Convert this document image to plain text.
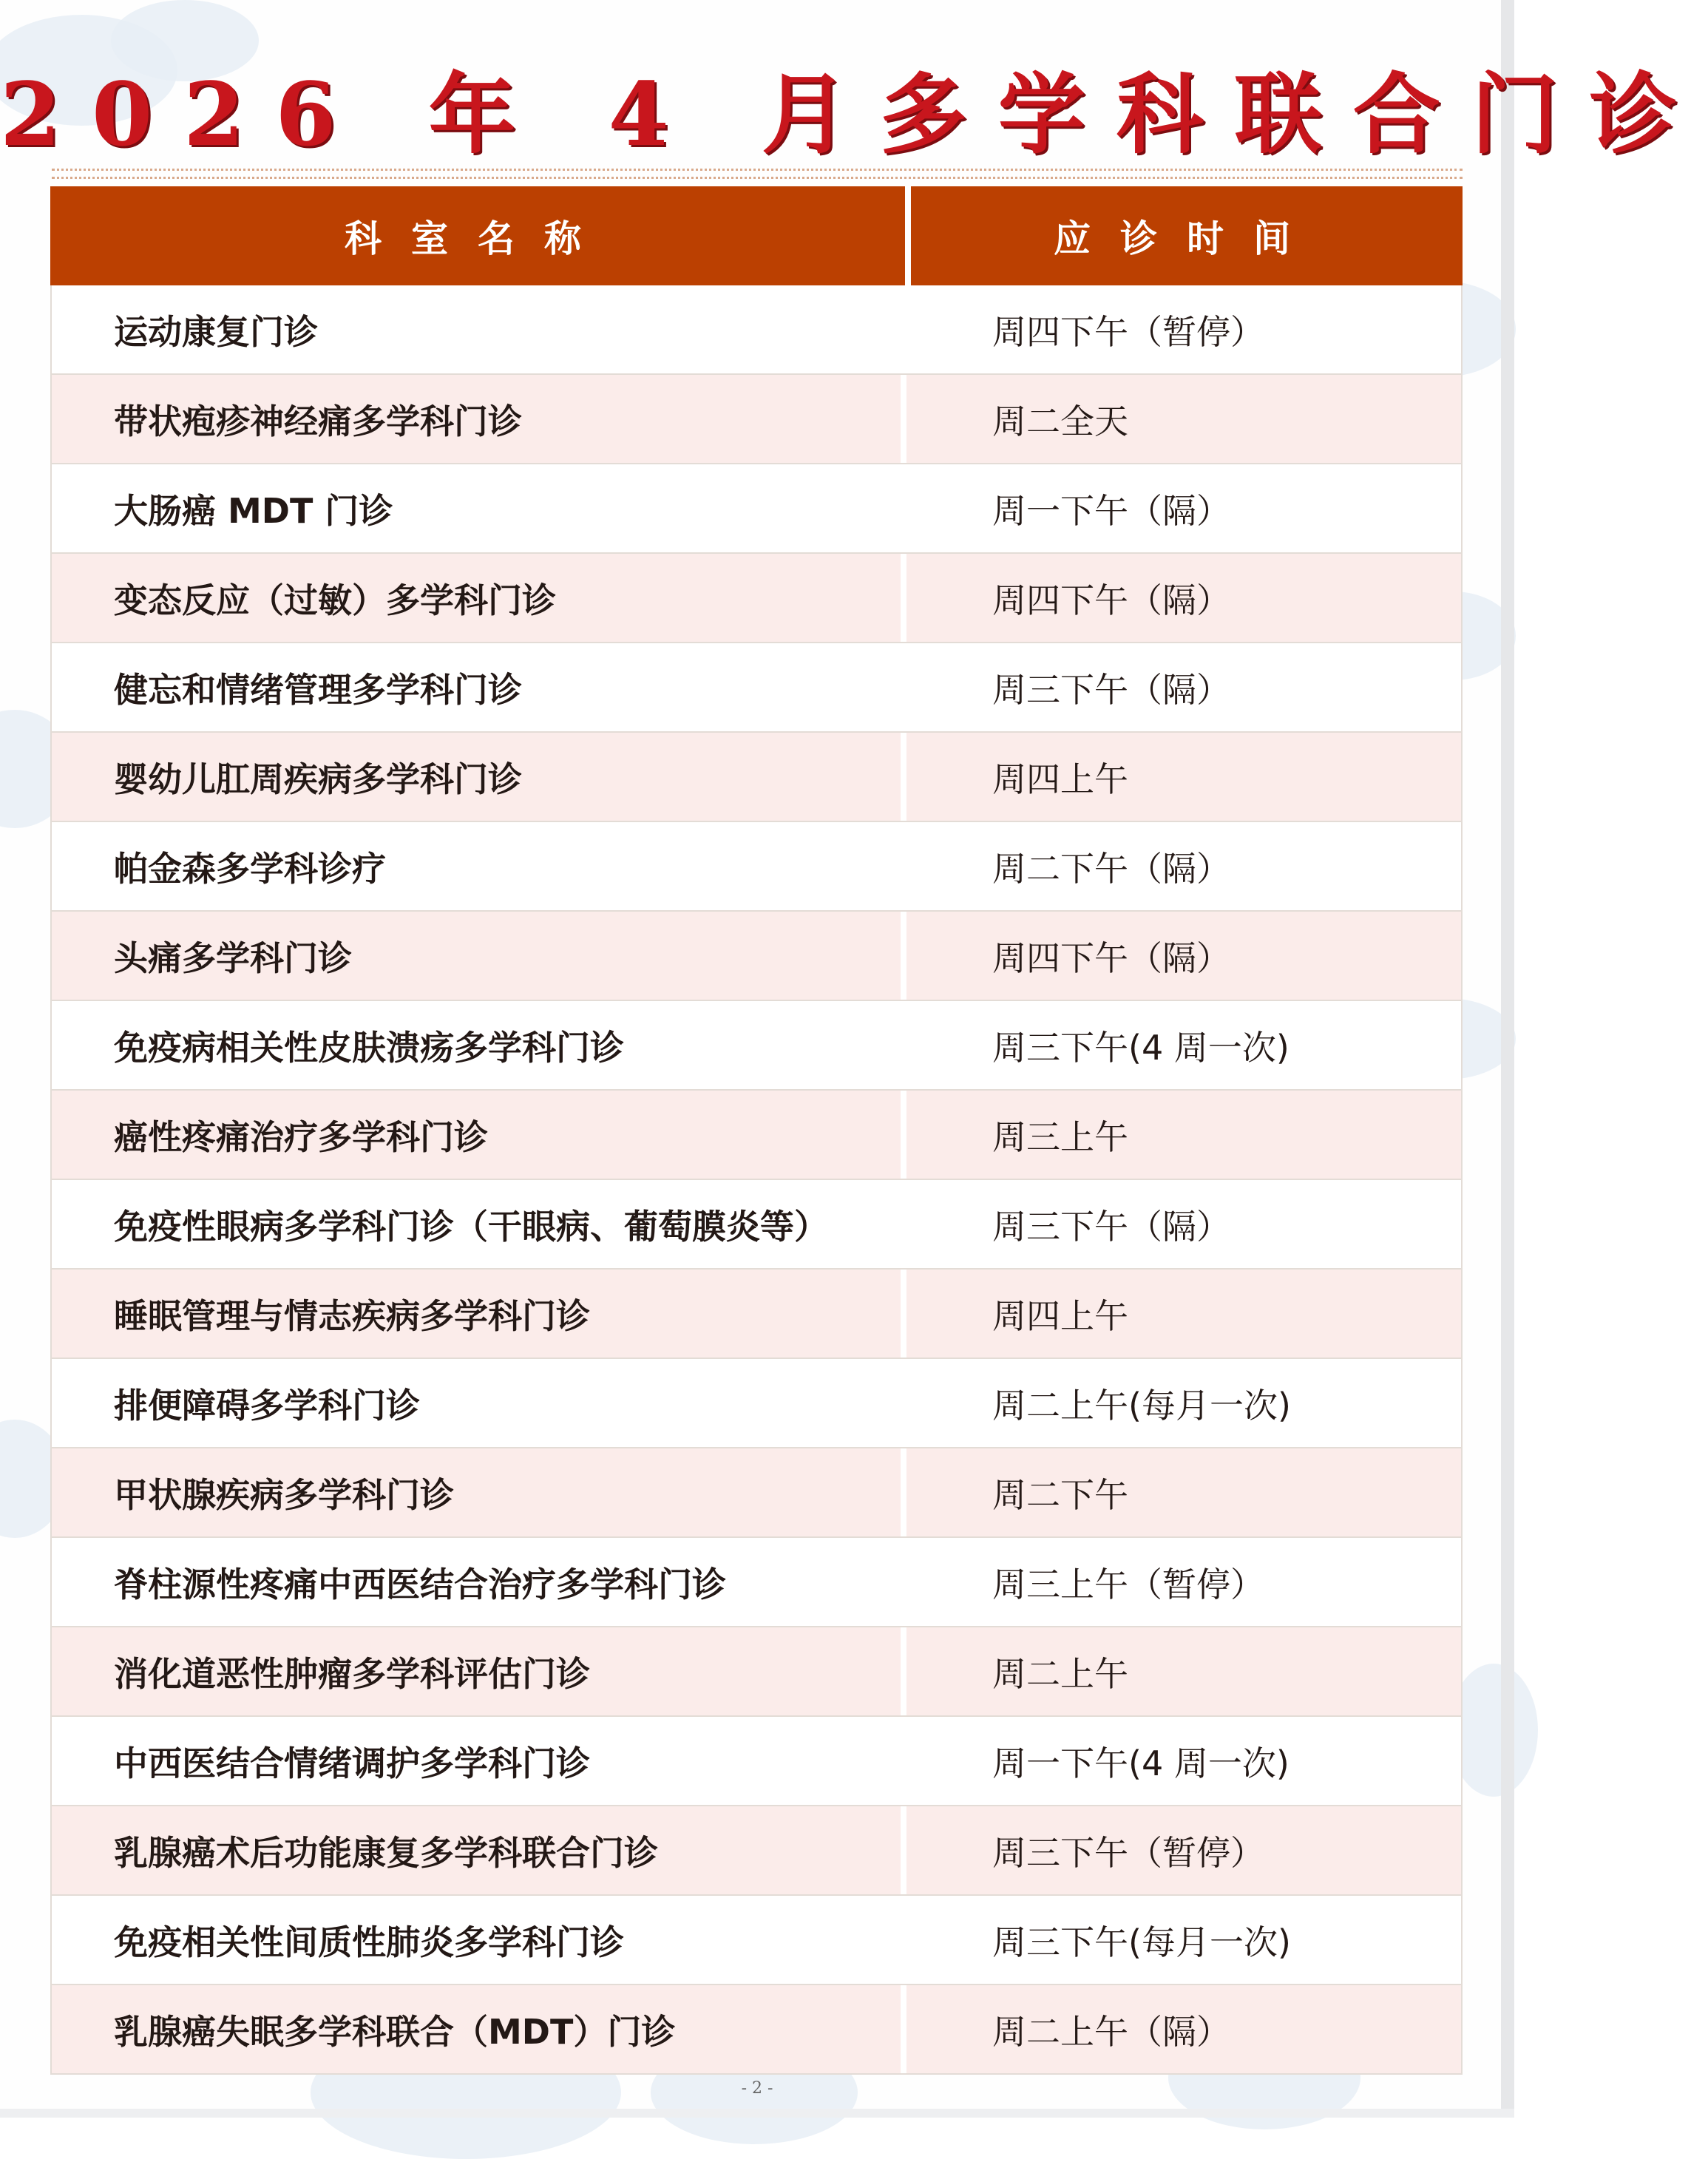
2026 年 4 月多学科联合门诊
科室名称	应诊时间
运动康复门诊	周四下午（暂停）
带状疱疹神经痛多学科门诊	周二全天
大肠癌 MDT 门诊	周一下午（隔）
变态反应（过敏）多学科门诊	周四下午（隔）
健忘和情绪管理多学科门诊	周三下午（隔）
婴幼儿肛周疾病多学科门诊	周四上午
帕金森多学科诊疗	周二下午（隔）
头痛多学科门诊	周四下午（隔）
免疫病相关性皮肤溃疡多学科门诊	周三下午(4 周一次)
癌性疼痛治疗多学科门诊	周三上午
免疫性眼病多学科门诊（干眼病、葡萄膜炎等）	周三下午（隔）
睡眠管理与情志疾病多学科门诊	周四上午
排便障碍多学科门诊	周二上午(每月一次)
甲状腺疾病多学科门诊	周二下午
脊柱源性疼痛中西医结合治疗多学科门诊	周三上午（暂停）
消化道恶性肿瘤多学科评估门诊	周二上午
中西医结合情绪调护多学科门诊	周一下午(4 周一次)
乳腺癌术后功能康复多学科联合门诊	周三下午（暂停）
免疫相关性间质性肺炎多学科门诊	周三下午(每月一次)
乳腺癌失眠多学科联合（MDT）门诊	周二上午（隔）
- 2 -
